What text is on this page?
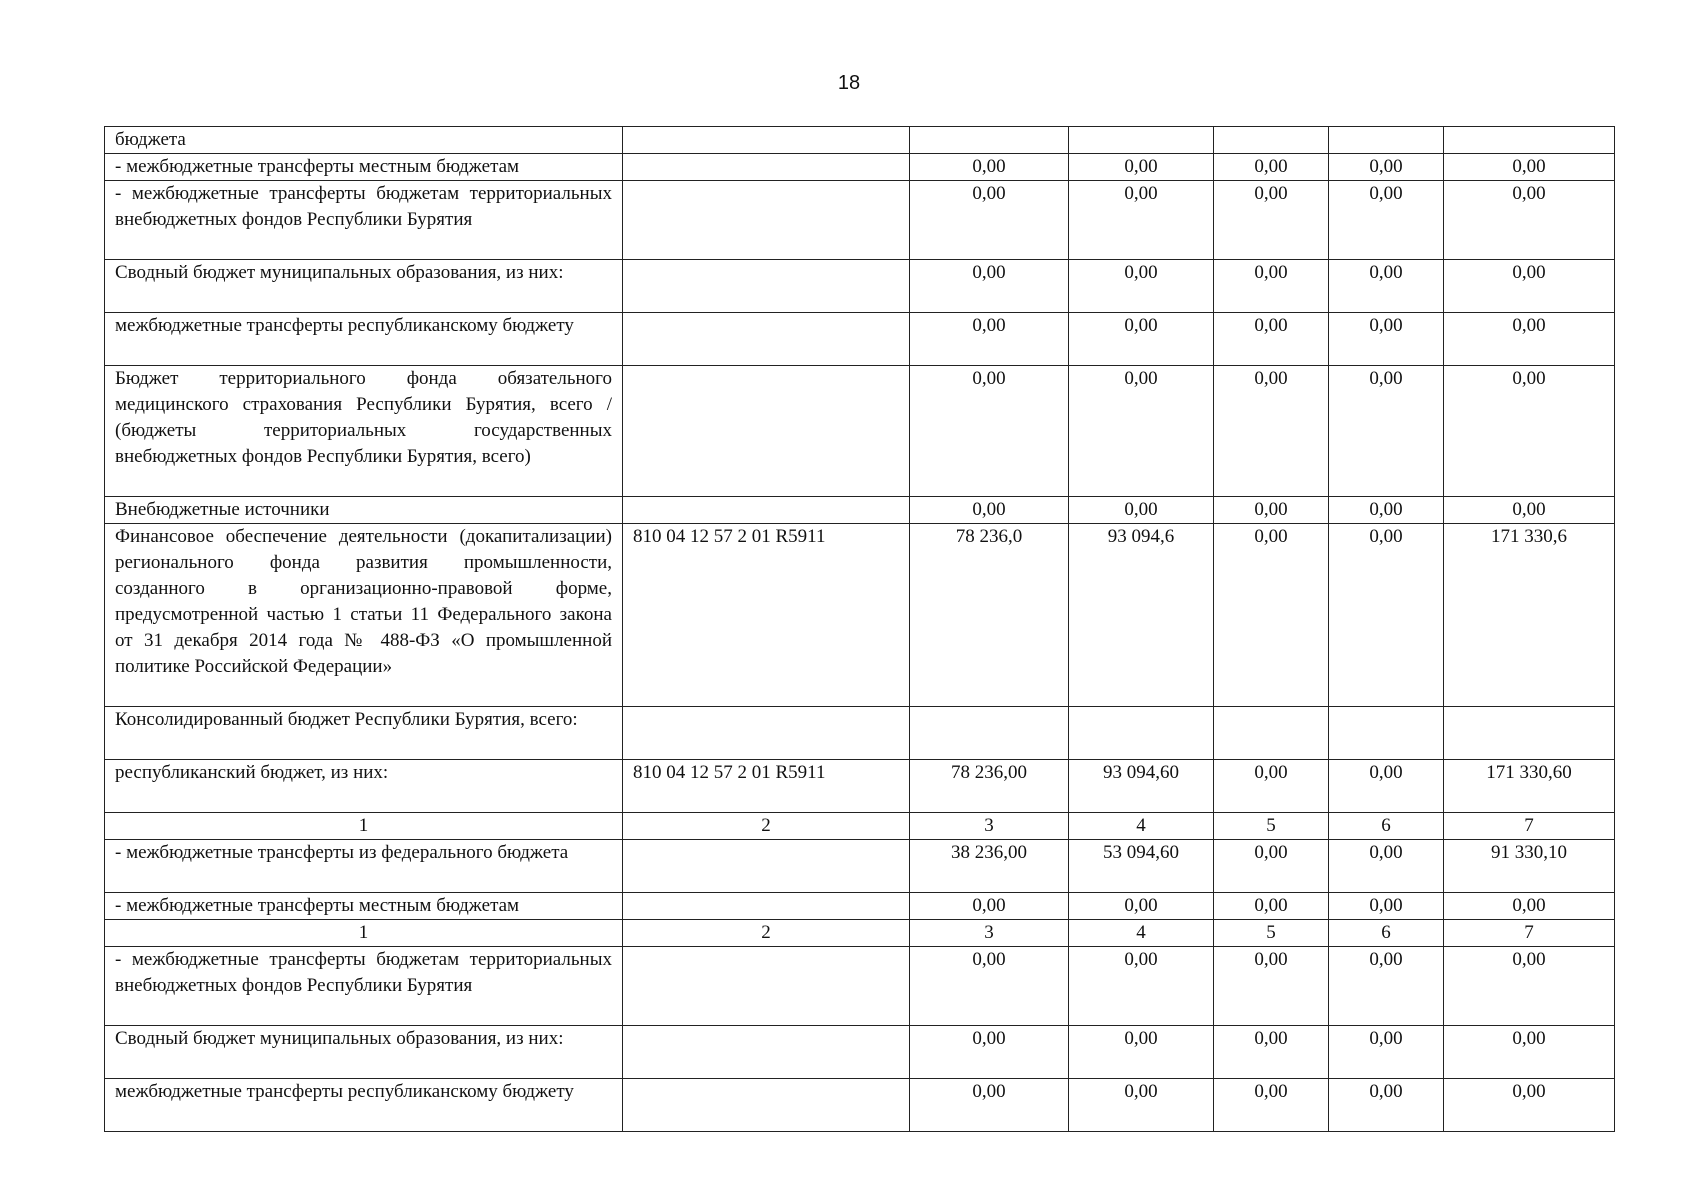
18
бюджета						
- межбюджетные трансферты местным бюджетам		0,00	0,00	0,00	0,00	0,00
- межбюджетные трансферты бюджетам территориальных внебюджетных фондов Республики Бурятия		0,00	0,00	0,00	0,00	0,00
Сводный бюджет муниципальных образования, из них:		0,00	0,00	0,00	0,00	0,00
межбюджетные трансферты республиканскому бюджету		0,00	0,00	0,00	0,00	0,00
Бюджет территориального фонда обязательного медицинского страхования Республики Бурятия, всего / (бюджеты территориальных государственных внебюджетных фондов Республики Бурятия, всего)		0,00	0,00	0,00	0,00	0,00
Внебюджетные источники		0,00	0,00	0,00	0,00	0,00
Финансовое обеспечение деятельности (докапитализации) регионального фонда развития промышленности, созданного в организационно-правовой форме, предусмотренной частью 1 статьи 11 Федерального закона от 31 декабря 2014 года № 488-ФЗ «О промышленной политике Российской Федерации»	810 04 12 57 2 01 R5911	78 236,0	93 094,6	0,00	0,00	171 330,6
Консолидированный бюджет Республики Бурятия, всего:						
республиканский бюджет, из них:	810 04 12 57 2 01 R5911	78 236,00	93 094,60	0,00	0,00	171 330,60
1	2	3	4	5	6	7
- межбюджетные трансферты из федерального бюджета		38 236,00	53 094,60	0,00	0,00	91 330,10
- межбюджетные трансферты местным бюджетам		0,00	0,00	0,00	0,00	0,00
1	2	3	4	5	6	7
- межбюджетные трансферты бюджетам территориальных внебюджетных фондов Республики Бурятия		0,00	0,00	0,00	0,00	0,00
Сводный бюджет муниципальных образования, из них:		0,00	0,00	0,00	0,00	0,00
межбюджетные трансферты республиканскому бюджету		0,00	0,00	0,00	0,00	0,00
